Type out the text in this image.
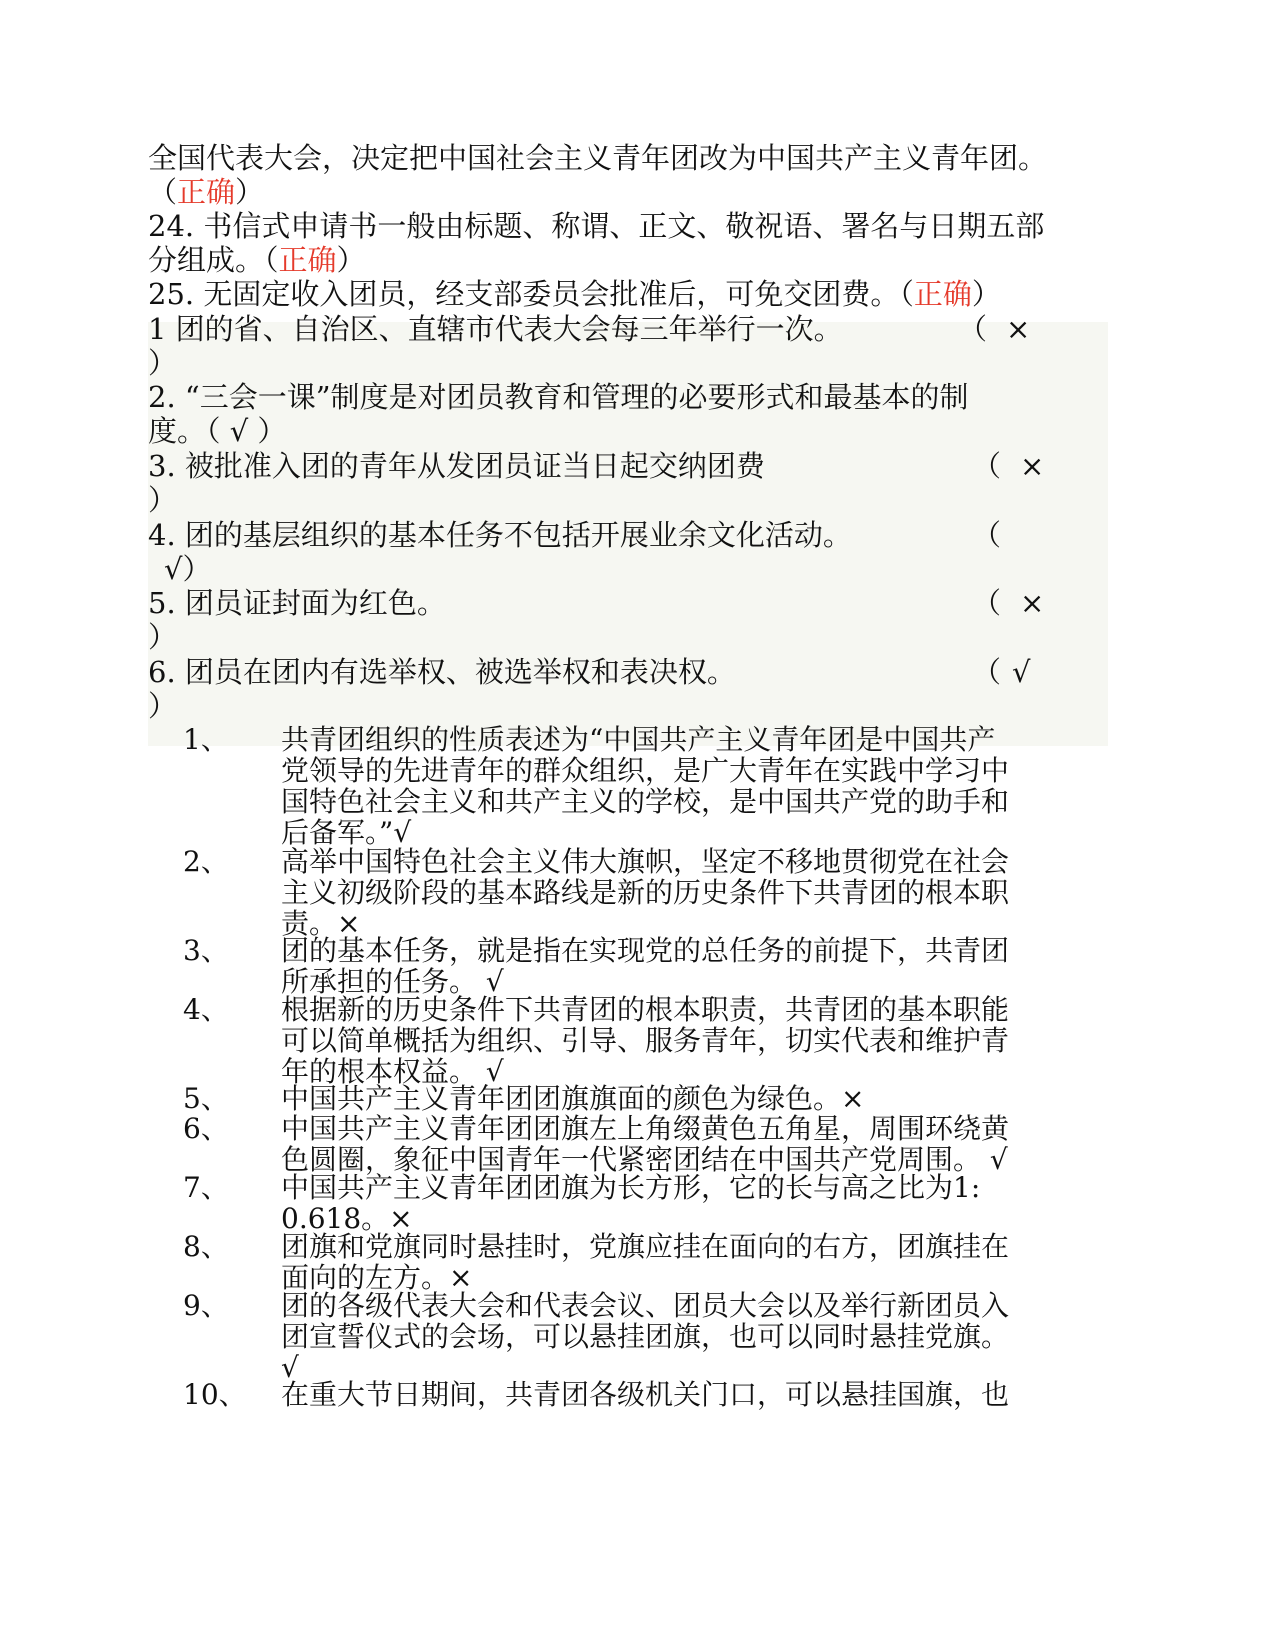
全国代表大会，决定把中国社会主义青年团改为中国共产主义青年团。
（正确）
24. 书信式申请书一般由标题、称谓、正文、敬祝语、署名与日期五部
分组成。（正确）
25. 无固定收入团员，经支部委员会批准后，可免交团费。（正确）
1 团的省、自治区、直辖市代表大会每三年举行一次。	（ ×
）
2. “三会一课”制度是对团员教育和管理的必要形式和最基本的制
度。（ √ ）
3. 被批准入团的青年从发团员证当日起交纳团费	（ ×
）
4. 团的基层组织的基本任务不包括开展业余文化活动。	（
√）
5. 团员证封面为红色。	（ ×
）
6. 团员在团内有选举权、被选举权和表决权。	（ √
）
1、 共青团组织的性质表述为“中国共产主义青年团是中国共产
党领导的先进青年的群众组织，是广大青年在实践中学习中
国特色社会主义和共产主义的学校，是中国共产党的助手和
后备军。”√
2、 高举中国特色社会主义伟大旗帜，坚定不移地贯彻党在社会
主义初级阶段的基本路线是新的历史条件下共青团的根本职
责。×
3、 团的基本任务，就是指在实现党的总任务的前提下，共青团
所承担的任务。 √
4、 根据新的历史条件下共青团的根本职责，共青团的基本职能
可以简单概括为组织、引导、服务青年，切实代表和维护青
年的根本权益。 √
5、 中国共产主义青年团团旗旗面的颜色为绿色。×
6、 中国共产主义青年团团旗左上角缀黄色五角星，周围环绕黄
色圆圈，象征中国青年一代紧密团结在中国共产党周围。 √
7、 中国共产主义青年团团旗为长方形，它的长与高之比为1:
0.618。×
8、 团旗和党旗同时悬挂时，党旗应挂在面向的右方，团旗挂在
面向的左方。×
9、 团的各级代表大会和代表会议、团员大会以及举行新团员入
团宣誓仪式的会场，可以悬挂团旗，也可以同时悬挂党旗。
√
10、 在重大节日期间，共青团各级机关门口，可以悬挂国旗，也
